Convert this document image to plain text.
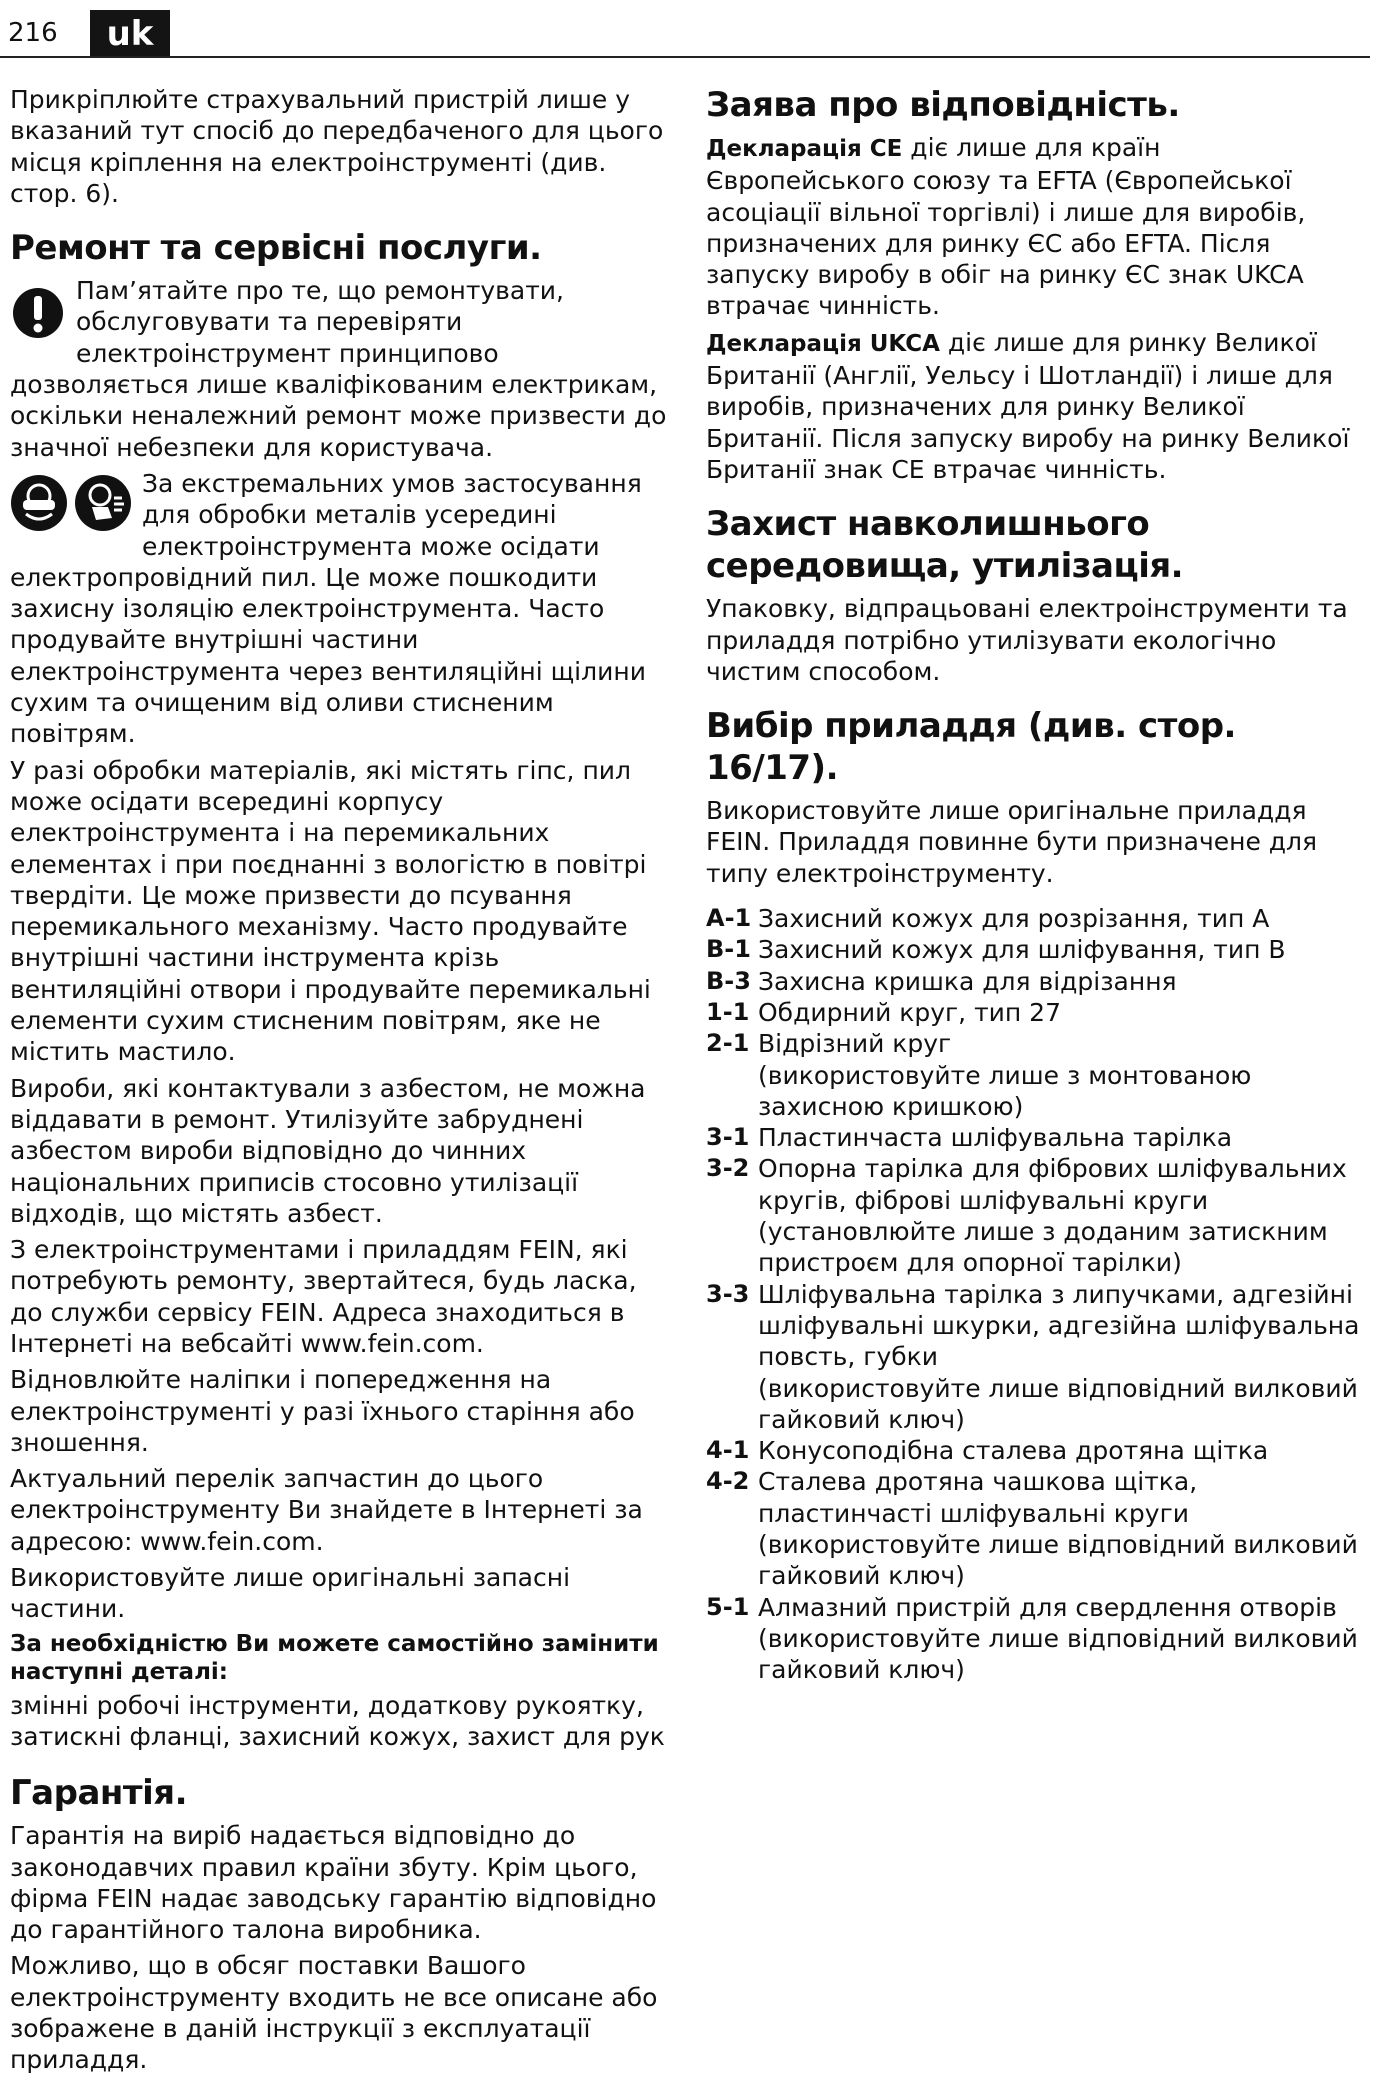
216	uk

Прикріплюйте страхувальний пристрій лише у вказаний тут спосіб до передбаченого для цього місця кріплення на електроінструменті (див. стор. 6).

Ремонт та сервісні послуги.

Пам’ятайте про те, що ремонтувати, обслуговувати та перевіряти електроінструмент принципово дозволяється лише кваліфікованим електрикам, оскільки неналежний ремонт може призвести до значної небезпеки для користувача.

За екстремальних умов застосування для обробки металів усередині електроінструмента може осідати електропровідний пил. Це може пошкодити захисну ізоляцію електроінструмента. Часто продувайте внутрішні частини електроінструмента через вентиляційні щілини сухим та очищеним від оливи стисненим повітрям.

У разі обробки матеріалів, які містять гіпс, пил може осідати всередині корпусу електроінструмента і на перемикальних елементах і при поєднанні з вологістю в повітрі твердіти. Це може призвести до псування перемикального механізму. Часто продувайте внутрішні частини інструмента крізь вентиляційні отвори і продувайте перемикальні елементи сухим стисненим повітрям, яке не містить мастило.

Вироби, які контактували з азбестом, не можна віддавати в ремонт. Утилізуйте забруднені азбестом вироби відповідно до чинних національних приписів стосовно утилізації відходів, що містять азбест.

З електроінструментами і приладдям FEIN, які потребують ремонту, звертайтеся, будь ласка, до служби сервісу FEIN. Адреса знаходиться в Інтернеті на вебсайті www.fein.com.

Відновлюйте наліпки і попередження на електроінструменті у разі їхнього старіння або зношення.

Актуальний перелік запчастин до цього електроінструменту Ви знайдете в Інтернеті за адресою: www.fein.com.

Використовуйте лише оригінальні запасні частини.

За необхідністю Ви можете самостійно замінити наступні деталі:

змінні робочі інструменти, додаткову рукоятку, затискні фланці, захисний кожух, захист для рук

Гарантія.

Гарантія на виріб надається відповідно до законодавчих правил країни збуту. Крім цього, фірма FEIN надає заводську гарантію відповідно до гарантійного талона виробника.

Можливо, що в обсяг поставки Вашого електроінструменту входить не все описане або зображене в даній інструкції з експлуатації приладдя.

Заява про відповідність.

Декларація CE діє лише для країн Європейського союзу та EFTA (Європейської асоціації вільної торгівлі) і лише для виробів, призначених для ринку ЄС або EFTA. Після запуску виробу в обіг на ринку ЄС знак UKCA втрачає чинність.

Декларація UKCA діє лише для ринку Великої Британії (Англії, Уельсу і Шотландії) і лише для виробів, призначених для ринку Великої Британії. Після запуску виробу на ринку Великої Британії знак CE втрачає чинність.

Захист навколишнього середовища, утилізація.

Упаковку, відпрацьовані електроінструменти та приладдя потрібно утилізувати екологічно чистим способом.

Вибір приладдя (див. стор. 16/17).

Використовуйте лише оригінальне приладдя FEIN. Приладдя повинне бути призначене для типу електроінструменту.

A-1 Захисний кожух для розрізання, тип A
B-1 Захисний кожух для шліфування, тип B
B-3 Захисна кришка для відрізання
1-1 Обдирний круг, тип 27
2-1 Відрізний круг
(використовуйте лише з монтованою захисною кришкою)
3-1 Пластинчаста шліфувальна тарілка
3-2 Опорна тарілка для фібрових шліфувальних кругів, фіброві шліфувальні круги
(установлюйте лише з доданим затискним пристроєм для опорної тарілки)
3-3 Шліфувальна тарілка з липучками, адгезійні шліфувальні шкурки, адгезійна шліфувальна повсть, губки
(використовуйте лише відповідний вилковий гайковий ключ)
4-1 Конусоподібна сталева дротяна щітка
4-2 Сталева дротяна чашкова щітка, пластинчасті шліфувальні круги
(використовуйте лише відповідний вилковий гайковий ключ)
5-1 Алмазний пристрій для свердлення отворів
(використовуйте лише відповідний вилковий гайковий ключ)
